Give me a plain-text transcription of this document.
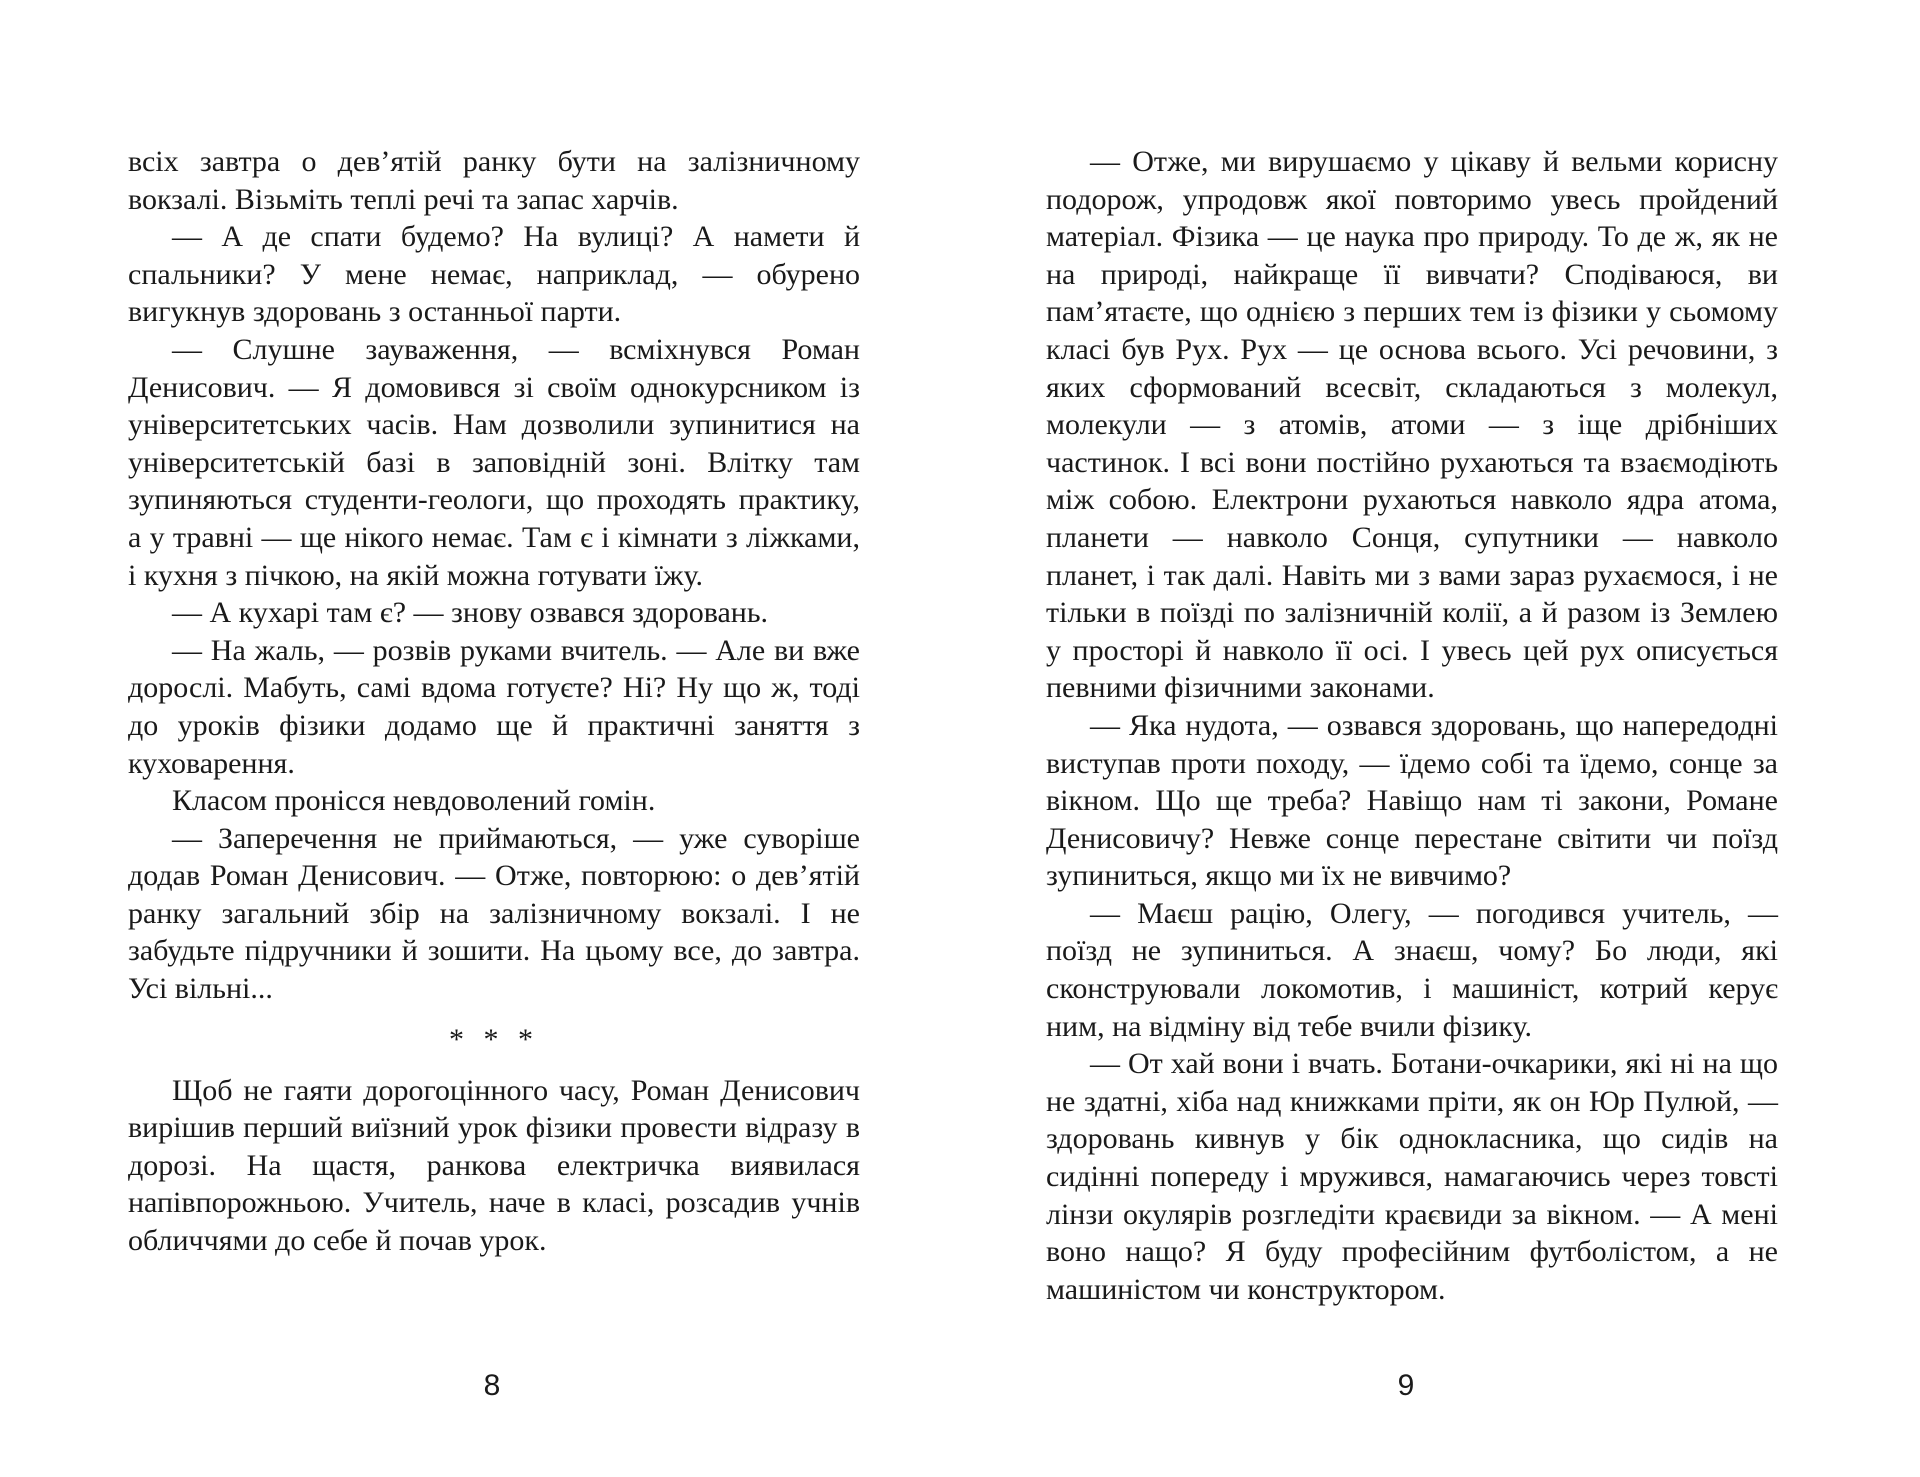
всіх завтра о дев’ятій ранку бути на залізничному вокзалі. Візьміть теплі речі та запас харчів.

— А де спати будемо? На вулиці? А намети й спальники? У мене немає, наприклад, — обурено вигукнув здоровань з останньої парти.

— Слушне зауваження, — всміхнувся Роман Денисович. — Я домовився зі своїм однокурсником із університетських часів. Нам дозволили зупинитися на університетській базі в заповідній зоні. Влітку там зупиняються студенти-геологи, що проходять практику, а у травні — ще нікого немає. Там є і кімнати з ліжками, і кухня з пічкою, на якій можна готувати їжу.

— А кухарі там є? — знову озвався здоровань.

— На жаль, — розвів руками вчитель. — Але ви вже дорослі. Мабуть, самі вдома готуєте? Ні? Ну що ж, тоді до уроків фізики додамо ще й практичні заняття з куховарення.

Класом пронісся невдоволений гомін.

— Заперечення не приймаються, — уже суворіше додав Роман Денисович. — Отже, повторюю: о дев’ятій ранку загальний збір на залізничному вокзалі. І не забудьте підручники й зошити. На цьому все, до завтра. Усі вільні...

* * *

Щоб не гаяти дорогоцінного часу, Роман Денисович вирішив перший виїзний урок фізики провести відразу в дорозі. На щастя, ранкова електричка виявилася напівпорожньою. Учитель, наче в класі, розсадив учнів обличчями до себе й почав урок.

8

— Отже, ми вирушаємо у цікаву й вельми корисну подорож, упродовж якої повторимо увесь пройдений матеріал. Фізика — це наука про природу. То де ж, як не на природі, найкраще її вивчати? Сподіваюся, ви пам’ятаєте, що однією з перших тем із фізики у сьомому класі був Рух. Рух — це основа всього. Усі речовини, з яких сформований всесвіт, складаються з молекул, молекули — з атомів, атоми — з іще дрібніших частинок. І всі вони постійно рухаються та взаємодіють між собою. Електрони рухаються навколо ядра атома, планети — навколо Сонця, супутники — навколо планет, і так далі. Навіть ми з вами зараз рухаємося, і не тільки в поїзді по залізничній колії, а й разом із Землею у просторі й навколо її осі. І увесь цей рух описується певними фізичними законами.

— Яка нудота, — озвався здоровань, що напередодні виступав проти походу, — їдемо собі та їдемо, сонце за вікном. Що ще треба? Навіщо нам ті закони, Романе Денисовичу? Невже сонце перестане світити чи поїзд зупиниться, якщо ми їх не вивчимо?

— Маєш рацію, Олегу, — погодився учитель, — поїзд не зупиниться. А знаєш, чому? Бо люди, які сконструювали локомотив, і машиніст, котрий керує ним, на відміну від тебе вчили фізику.

— От хай вони і вчать. Ботани-очкарики, які ні на що не здатні, хіба над книжками пріти, як он Юр Пулюй, — здоровань кивнув у бік однокласника, що сидів на сидінні попереду і мружився, намагаючись через товсті лінзи окулярів розгледіти краєвиди за вікном. — А мені воно нащо? Я буду професійним футболістом, а не машиністом чи конструктором.

9
